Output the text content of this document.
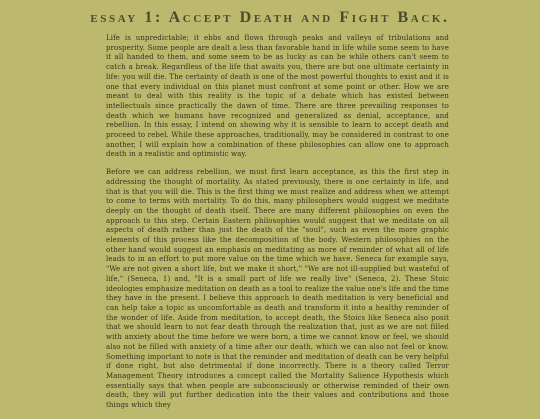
essay 1: Accept Death and Fight Back.

Life is unpredictable; it ebbs and flows through peaks and valleys of tribulations and prosperity. Some people are dealt a less than favorable hand in life while some seem to have it all handed to them, and some seem to be as lucky as can be while others can't seem to catch a break. Regardless of the life that awaits you, there are but one ultimate certainty in life: you will die. The certainty of death is one of the most powerful thoughts to exist and it is one that every individual on this planet must confront at some point or other. How we are meant to deal with this reality is the topic of a debate which has existed between intellectuals since practically the dawn of time. There are three prevailing responses to death which we humans have recognized and generalized as denial, acceptance, and rebellion. In this essay, I intend on showing why it is sensible to learn to accept death and proceed to rebel. While these approaches, traditionally, may be considered in contrast to one another, I will explain how a combination of these philosophies can allow one to approach death in a realistic and optimistic way.

Before we can address rebellion, we must first learn acceptance, as this the first step in addressing the thought of mortality. As stated previously, there is one certainty in life, and that is that you will die. This is the first thing we must realize and address when we attempt to come to terms with mortality. To do this, many philosophers would suggest we meditate deeply on the thought of death itself. There are many different philosophies on even the approach to this step. Certain Eastern philosophies would suggest that we meditate on all aspects of death rather than just the death of the "soul", such as even the more graphic elements of this process like the decomposition of the body. Western philosophies on the other hand would suggest an emphasis on meditating as more of reminder of what all of life leads to in an effort to put more value on the time which we have. Seneca for example says, "We are not given a short life, but we make it short," "We are not ill-supplied but wasteful of life," (Seneca, 1) and, "It is a small part of life we really live" (Seneca, 2). These Stoic ideologies emphasize meditation on death as a tool to realize the value one's life and the time they have in the present. I believe this approach to death meditation is very beneficial and can help take a topic as uncomfortable as death and transform it into a healthy reminder of the wonder of life. Aside from meditation, to accept death, the Stoics like Seneca also posit that we should learn to not fear death through the realization that, just as we are not filled with anxiety about the time before we were born, a time we cannot know or feel, we should also not be filled with anxiety of a time after our death, which we can also not feel or know. Something important to note is that the reminder and meditation of death can be very helpful if done right, but also detrimental if done incorrectly. There is a theory called Terror Management Theory introduces a concept called the Mortality Salience Hypothesis which essentially says that when people are subconsciously or otherwise reminded of their own death, they will put further dedication into the their values and contributions and those things which they
